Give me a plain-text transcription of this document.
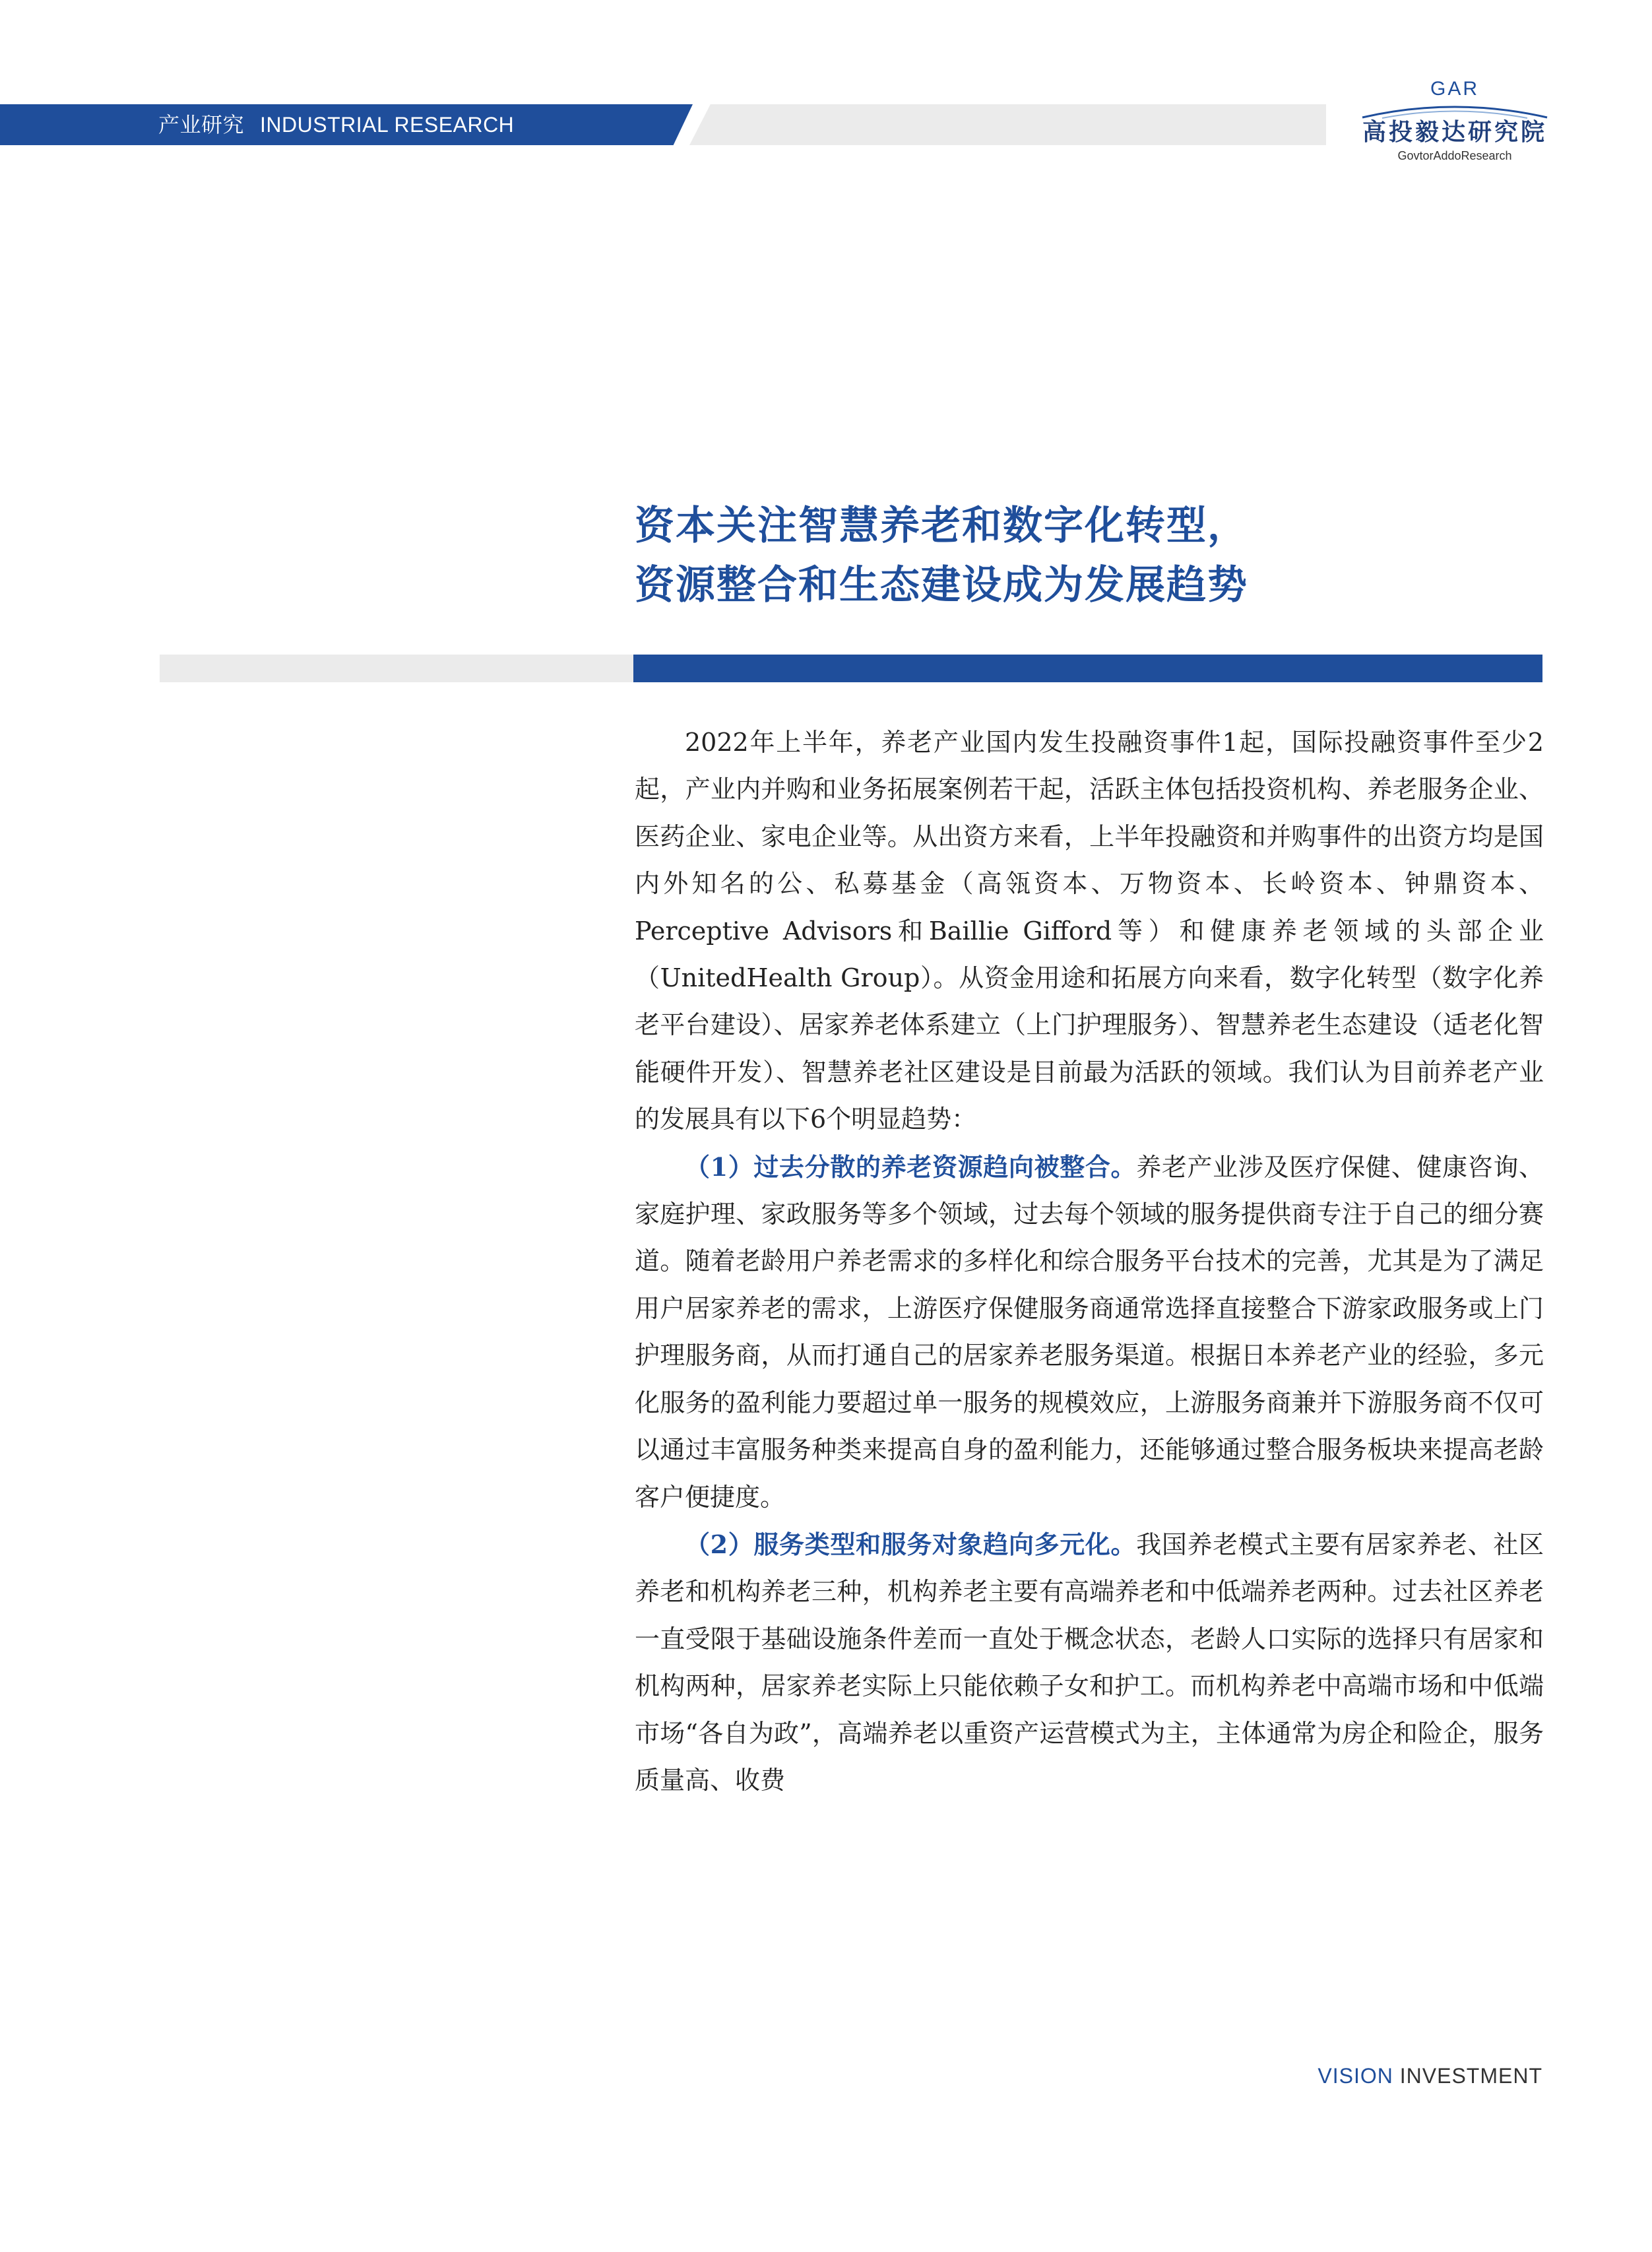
产业研究 INDUSTRIAL RESEARCH
GAR
高投毅达研究院
GovtorAddoResearch
资本关注智慧养老和数字化转型，
资源整合和生态建设成为发展趋势

2022年上半年，养老产业国内发生投融资事件1起，国际投融资事件至少2起，产业内并购和业务拓展案例若干起，活跃主体包括投资机构、养老服务企业、医药企业、家电企业等。从出资方来看，上半年投融资和并购事件的出资方均是国内外知名的公、私募基金（高瓴资本、万物资本、长岭资本、钟鼎资本、Perceptive Advisors和Baillie Gifford等）和健康养老领域的头部企业（UnitedHealth Group）。从资金用途和拓展方向来看，数字化转型（数字化养老平台建设）、居家养老体系建立（上门护理服务）、智慧养老生态建设（适老化智能硬件开发）、智慧养老社区建设是目前最为活跃的领域。我们认为目前养老产业的发展具有以下6个明显趋势：

（1）过去分散的养老资源趋向被整合。养老产业涉及医疗保健、健康咨询、家庭护理、家政服务等多个领域，过去每个领域的服务提供商专注于自己的细分赛道。随着老龄用户养老需求的多样化和综合服务平台技术的完善，尤其是为了满足用户居家养老的需求，上游医疗保健服务商通常选择直接整合下游家政服务或上门护理服务商，从而打通自己的居家养老服务渠道。根据日本养老产业的经验，多元化服务的盈利能力要超过单一服务的规模效应，上游服务商兼并下游服务商不仅可以通过丰富服务种类来提高自身的盈利能力，还能够通过整合服务板块来提高老龄客户便捷度。

（2）服务类型和服务对象趋向多元化。我国养老模式主要有居家养老、社区养老和机构养老三种，机构养老主要有高端养老和中低端养老两种。过去社区养老一直受限于基础设施条件差而一直处于概念状态，老龄人口实际的选择只有居家和机构两种，居家养老实际上只能依赖子女和护工。而机构养老中高端市场和中低端市场“各自为政”，高端养老以重资产运营模式为主，主体通常为房企和险企，服务质量高、收费

VISION INVESTMENT
